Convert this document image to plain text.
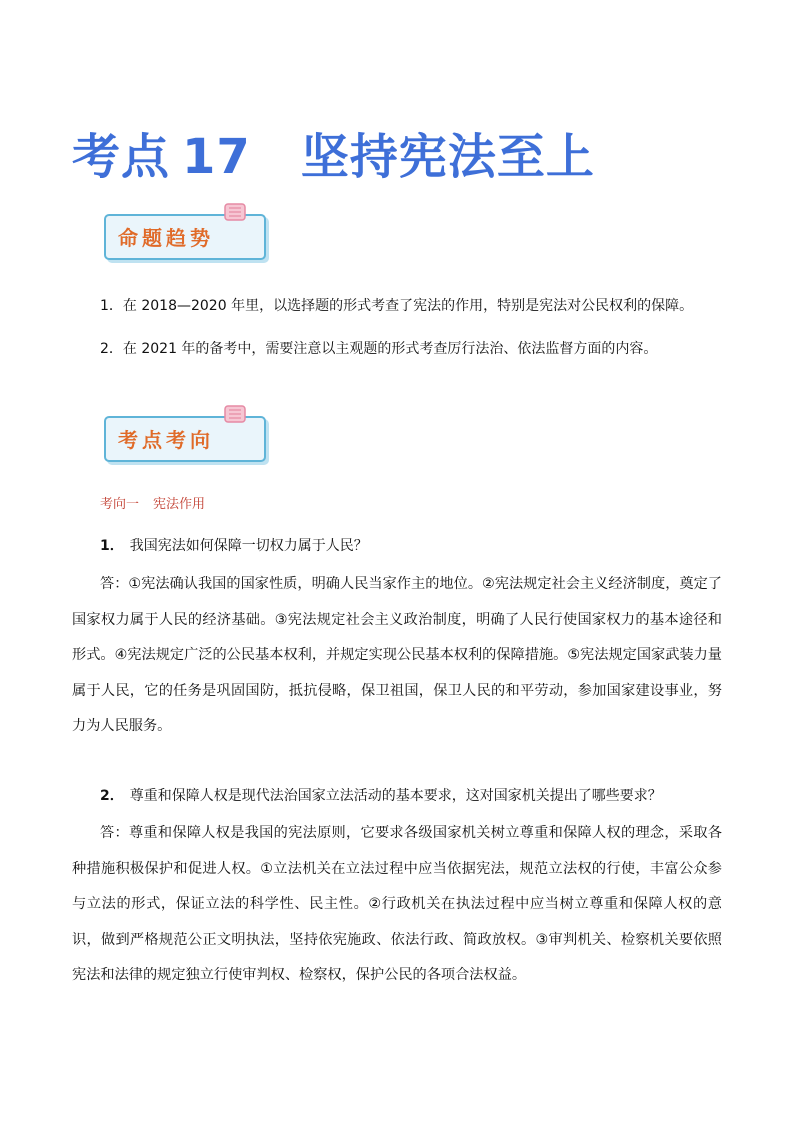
考点 17 坚持宪法至上
命题趋势
1．在 2018—2020 年里，以选择题的形式考查了宪法的作用，特别是宪法对公民权利的保障。
2．在 2021 年的备考中，需要注意以主观题的形式考查厉行法治、依法监督方面的内容。
考点考向
考向一 宪法作用
1． 我国宪法如何保障一切权力属于人民？

答：①宪法确认我国的国家性质，明确人民当家作主的地位。②宪法规定社会主义经济制度，奠定了国家权力属于人民的经济基础。③宪法规定社会主义政治制度，明确了人民行使国家权力的基本途径和形式。④宪法规定广泛的公民基本权利，并规定实现公民基本权利的保障措施。⑤宪法规定国家武装力量属于人民，它的任务是巩固国防，抵抗侵略，保卫祖国，保卫人民的和平劳动，参加国家建设事业，努力为人民服务。

2． 尊重和保障人权是现代法治国家立法活动的基本要求，这对国家机关提出了哪些要求？

答：尊重和保障人权是我国的宪法原则，它要求各级国家机关树立尊重和保障人权的理念，采取各种措施积极保护和促进人权。①立法机关在立法过程中应当依据宪法，规范立法权的行使，丰富公众参与立法的形式，保证立法的科学性、民主性。②行政机关在执法过程中应当树立尊重和保障人权的意识，做到严格规范公正文明执法，坚持依宪施政、依法行政、简政放权。③审判机关、检察机关要依照宪法和法律的规定独立行使审判权、检察权，保护公民的各项合法权益。
